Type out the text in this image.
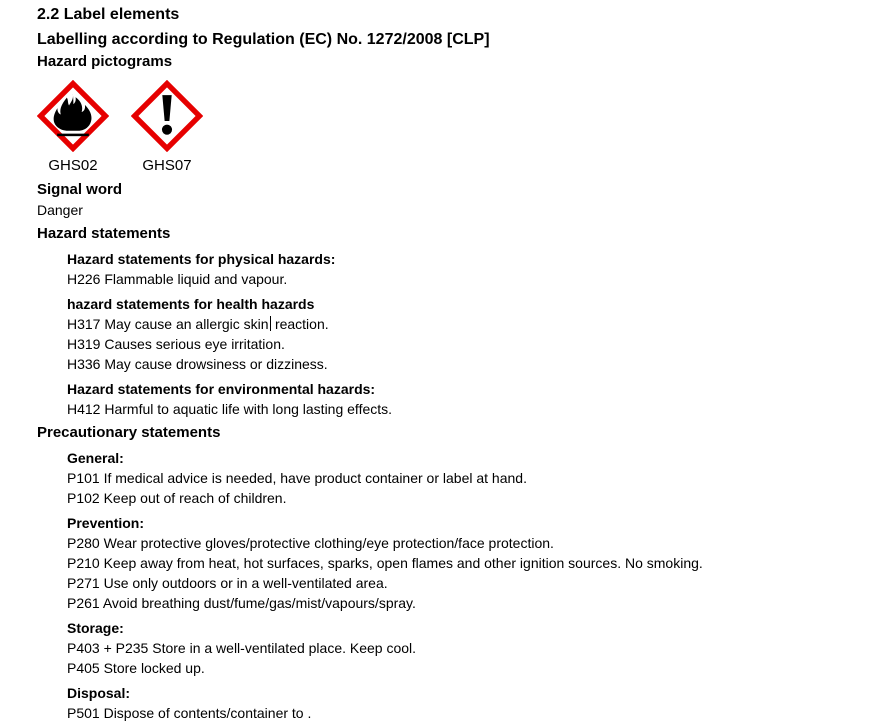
2.2 Label elements
Labelling according to Regulation (EC) No. 1272/2008 [CLP]
Hazard pictograms
GHS02	GHS07
Signal word
Danger
Hazard statements
Hazard statements for physical hazards:
H226 Flammable liquid and vapour.
hazard statements for health hazards
H317 May cause an allergic skin reaction.
H319 Causes serious eye irritation.
H336 May cause drowsiness or dizziness.
Hazard statements for environmental hazards:
H412 Harmful to aquatic life with long lasting effects.
Precautionary statements
General:
P101 If medical advice is needed, have product container or label at hand.
P102 Keep out of reach of children.
Prevention:
P280 Wear protective gloves/protective clothing/eye protection/face protection.
P210 Keep away from heat, hot surfaces, sparks, open flames and other ignition sources. No smoking.
P271 Use only outdoors or in a well-ventilated area.
P261 Avoid breathing dust/fume/gas/mist/vapours/spray.
Storage:
P403 + P235 Store in a well-ventilated place. Keep cool.
P405 Store locked up.
Disposal:
P501 Dispose of contents/container to .
